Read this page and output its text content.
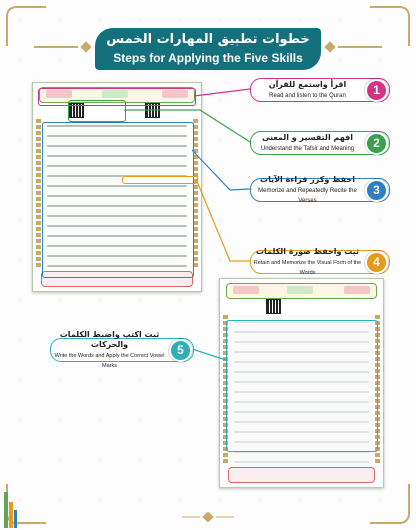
خطوات تطبيق المهارات الخمس
Steps for Applying the Five Skills
اقرأ واستمع للقرآن
Read and listen to the Quran	1
افهم التفسير و المعنى
Understand the Tafsir and Meaning	2
احفظ وكرر قراءة الآيات
Memorize and Repeatedly Recite the Verses
3
ثبت واحفظ صورة الكلمات
Retain and Memorize the Visual Form of the Words
4
ثبت اكتب واضبط الكلمات والحركات
Write the Words and Apply the Correct Vowel Marks
5
